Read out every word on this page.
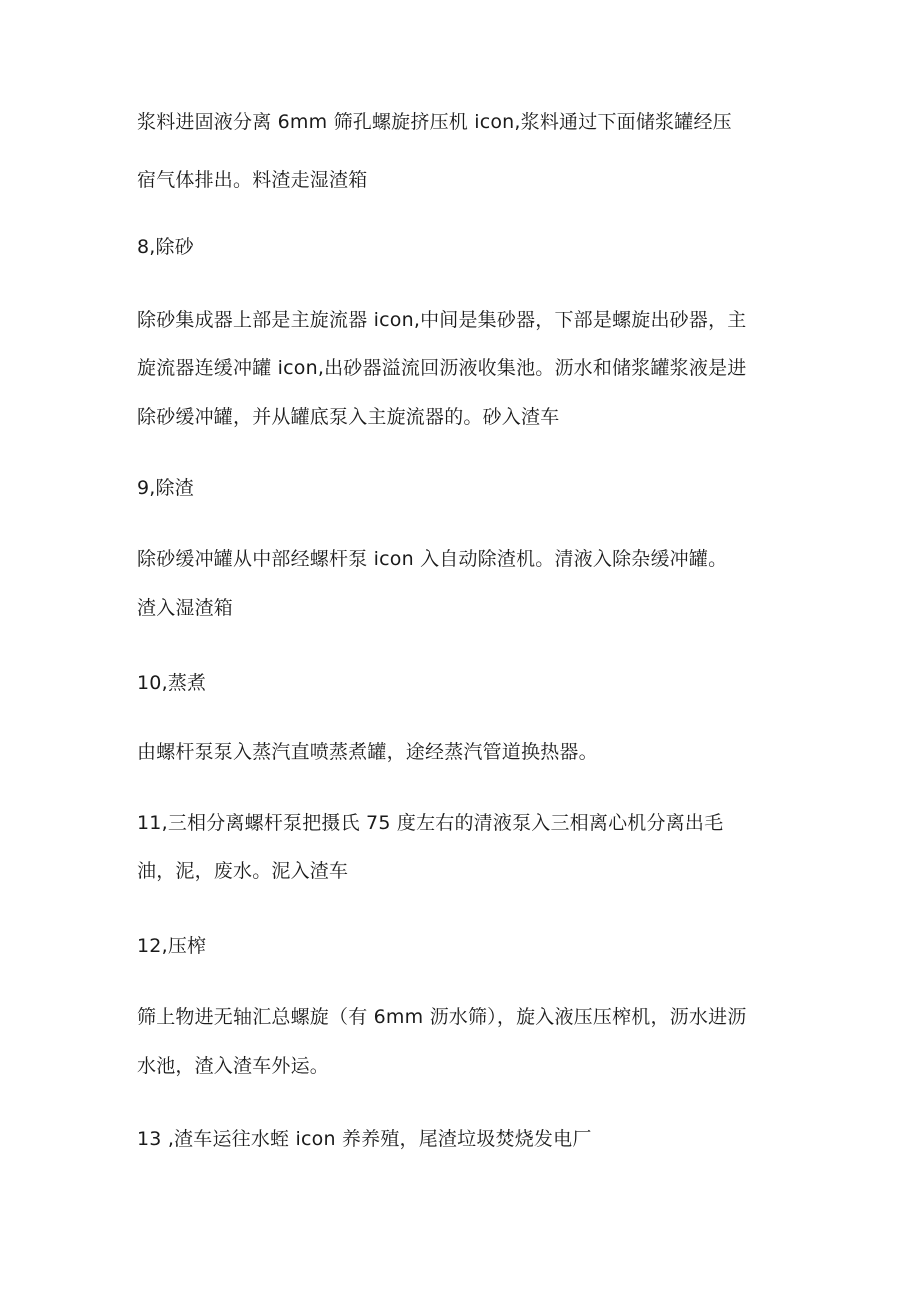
浆料进固液分离 6mm 筛孔螺旋挤压机 icon,浆料通过下面储浆罐经压
宿气体排出。料渣走湿渣箱
8,除砂
除砂集成器上部是主旋流器 icon,中间是集砂器，下部是螺旋出砂器，主
旋流器连缓冲罐 icon,出砂器溢流回沥液收集池。沥水和储浆罐浆液是进
除砂缓冲罐，并从罐底泵入主旋流器的。砂入渣车
9,除渣
除砂缓冲罐从中部经螺杆泵 icon 入自动除渣机。清液入除杂缓冲罐。
渣入湿渣箱
10,蒸煮
由螺杆泵泵入蒸汽直喷蒸煮罐，途经蒸汽管道换热器。
11,三相分离螺杆泵把摄氏 75 度左右的清液泵入三相离心机分离出毛
油，泥，废水。泥入渣车
12,压榨
筛上物进无轴汇总螺旋（有 6mm 沥水筛），旋入液压压榨机，沥水进沥
水池，渣入渣车外运。
13 ,渣车运往水蛭 icon 养养殖，尾渣垃圾焚烧发电厂
